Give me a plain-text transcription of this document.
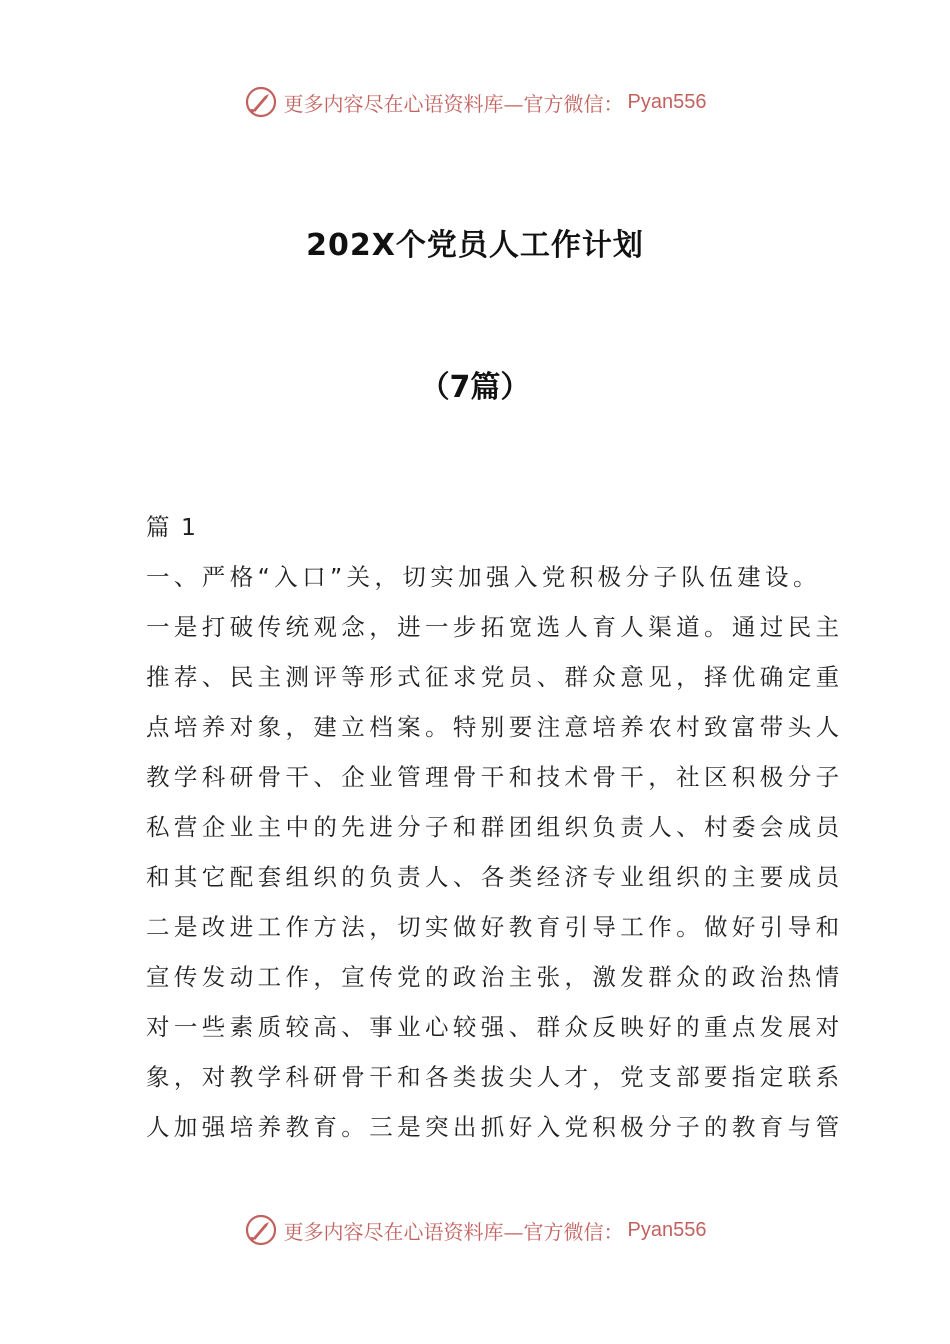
更多内容尽在心语资料库—官方微信： Pyan556
202X个党员人工作计划
（7篇）
篇 1
一、严格“入口”关，切实加强入党积极分子队伍建设。
一是打破传统观念，进一步拓宽选人育人渠道。通过民主
推荐、民主测评等形式征求党员、群众意见，择优确定重
点培养对象，建立档案。特别要注意培养农村致富带头人
教学科研骨干、企业管理骨干和技术骨干，社区积极分子
私营企业主中的先进分子和群团组织负责人、村委会成员
和其它配套组织的负责人、各类经济专业组织的主要成员
二是改进工作方法，切实做好教育引导工作。做好引导和
宣传发动工作，宣传党的政治主张，激发群众的政治热情
对一些素质较高、事业心较强、群众反映好的重点发展对
象，对教学科研骨干和各类拔尖人才，党支部要指定联系
人加强培养教育。三是突出抓好入党积极分子的教育与管
更多内容尽在心语资料库—官方微信： Pyan556
